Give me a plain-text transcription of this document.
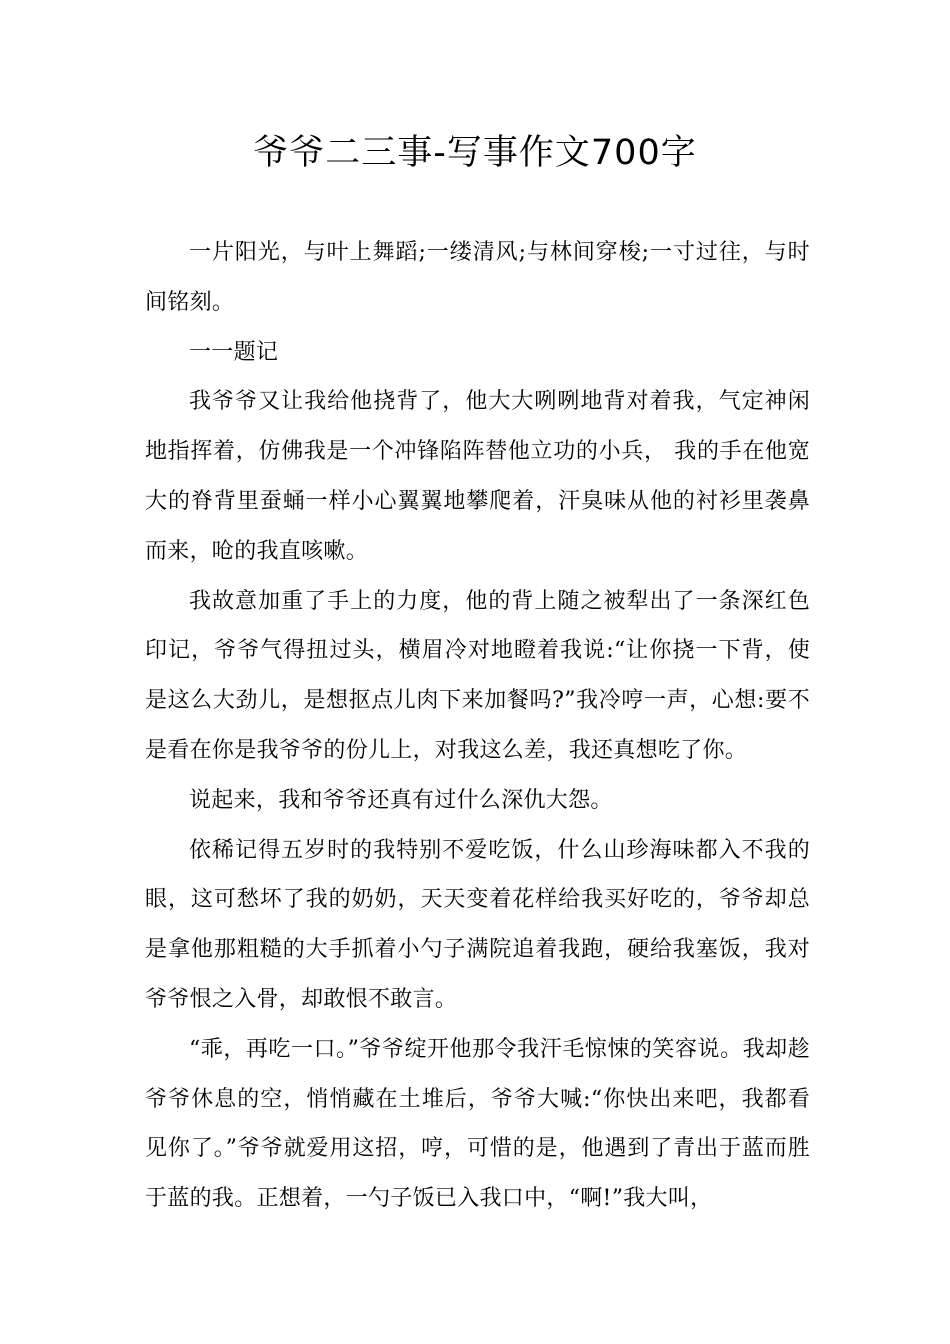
爷爷二三事-写事作文700字

一片阳光，与叶上舞蹈;一缕清风;与林间穿梭;一寸过往，与时间铭刻。

一一题记

我爷爷又让我给他挠背了，他大大咧咧地背对着我，气定神闲地指挥着，仿佛我是一个冲锋陷阵替他立功的小兵， 我的手在他宽大的脊背里蚕蛹一样小心翼翼地攀爬着，汗臭味从他的衬衫里袭鼻而来，呛的我直咳嗽。

我故意加重了手上的力度，他的背上随之被犁出了一条深红色印记，爷爷气得扭过头，横眉冷对地瞪着我说:“让你挠一下背，使是这么大劲儿，是想抠点儿肉下来加餐吗?”我冷哼一声，心想:要不是看在你是我爷爷的份儿上，对我这么差，我还真想吃了你。

说起来，我和爷爷还真有过什么深仇大怨。

依稀记得五岁时的我特别不爱吃饭，什么山珍海味都入不我的眼，这可愁坏了我的奶奶，天天变着花样给我买好吃的，爷爷却总是拿他那粗糙的大手抓着小勺子满院追着我跑，硬给我塞饭，我对爷爷恨之入骨，却敢恨不敢言。

“乖，再吃一口。”爷爷绽开他那令我汗毛惊悚的笑容说。我却趁爷爷休息的空，悄悄藏在土堆后，爷爷大喊:“你快出来吧，我都看见你了。”爷爷就爱用这招，哼，可惜的是，他遇到了青出于蓝而胜于蓝的我。正想着，一勺子饭已入我口中，“啊!”我大叫，
